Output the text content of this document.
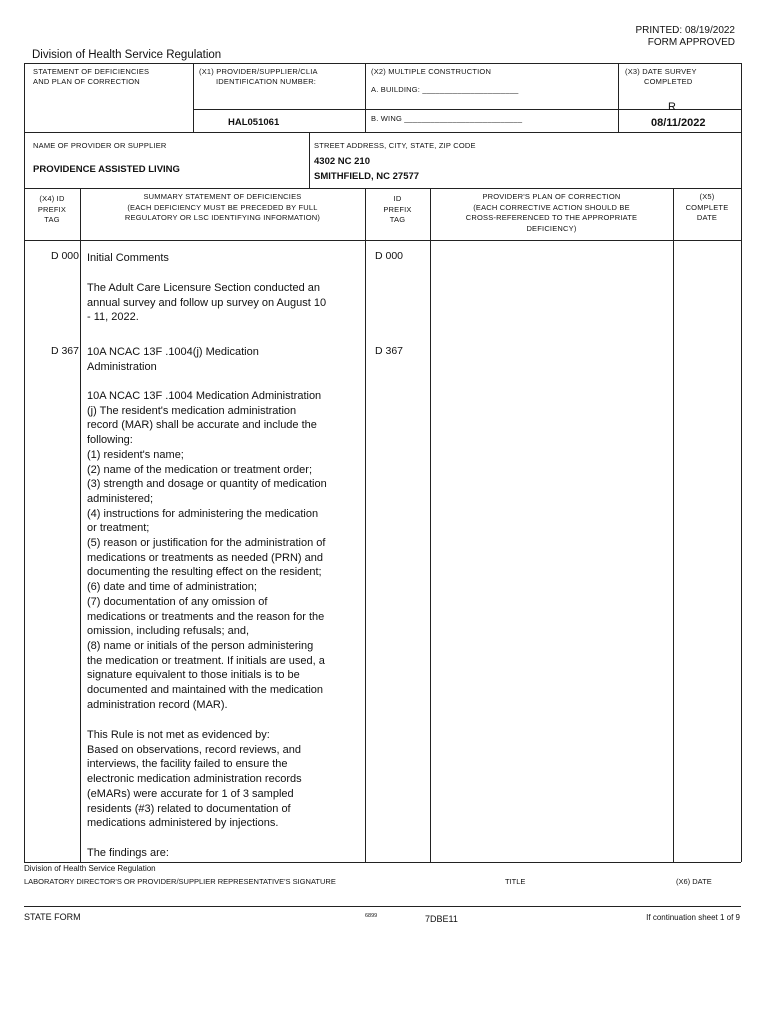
PRINTED: 08/19/2022
FORM APPROVED
Division of Health Service Regulation
STATEMENT OF DEFICIENCIES
AND PLAN OF CORRECTION
(X1) PROVIDER/SUPPLIER/CLIA
IDENTIFICATION NUMBER:
HAL051061
(X2) MULTIPLE CONSTRUCTION
A. BUILDING: ______________________
B. WING ___________________________
(X3) DATE SURVEY
COMPLETED
R
08/11/2022
NAME OF PROVIDER OR SUPPLIER
PROVIDENCE ASSISTED LIVING
STREET ADDRESS, CITY, STATE, ZIP CODE
4302 NC 210
SMITHFIELD, NC 27577
(X4) ID
PREFIX
TAG
SUMMARY STATEMENT OF DEFICIENCIES
(EACH DEFICIENCY MUST BE PRECEDED BY FULL
REGULATORY OR LSC IDENTIFYING INFORMATION)
ID
PREFIX
TAG
PROVIDER'S PLAN OF CORRECTION
(EACH CORRECTIVE ACTION SHOULD BE
CROSS-REFERENCED TO THE APPROPRIATE
DEFICIENCY)
(X5)
COMPLETE
DATE
D 000	D 000
Initial Comments
The Adult Care Licensure Section conducted an
annual survey and follow up survey on August 10
- 11, 2022.
D 367	D 367
10A NCAC 13F .1004(j) Medication
Administration
10A NCAC 13F .1004 Medication Administration
(j) The resident's medication administration
record (MAR) shall be accurate and include the
following:
(1) resident's name;
(2) name of the medication or treatment order;
(3) strength and dosage or quantity of medication
administered;
(4) instructions for administering the medication
or treatment;
(5) reason or justification for the administration of
medications or treatments as needed (PRN) and
documenting the resulting effect on the resident;
(6) date and time of administration;
(7) documentation of any omission of
medications or treatments and the reason for the
omission, including refusals; and,
(8) name or initials of the person administering
the medication or treatment. If initials are used, a
signature equivalent to those initials is to be
documented and maintained with the medication
administration record (MAR).
This Rule is not met as evidenced by:
Based on observations, record reviews, and
interviews, the facility failed to ensure the
electronic medication administration records
(eMARs) were accurate for 1 of 3 sampled
residents (#3) related to documentation of
medications administered by injections.
The findings are:
Division of Health Service Regulation
LABORATORY DIRECTOR'S OR PROVIDER/SUPPLIER REPRESENTATIVE'S SIGNATURE	TITLE	(X6) DATE
STATE FORM	6899	7DBE11	If continuation sheet 1 of 9
